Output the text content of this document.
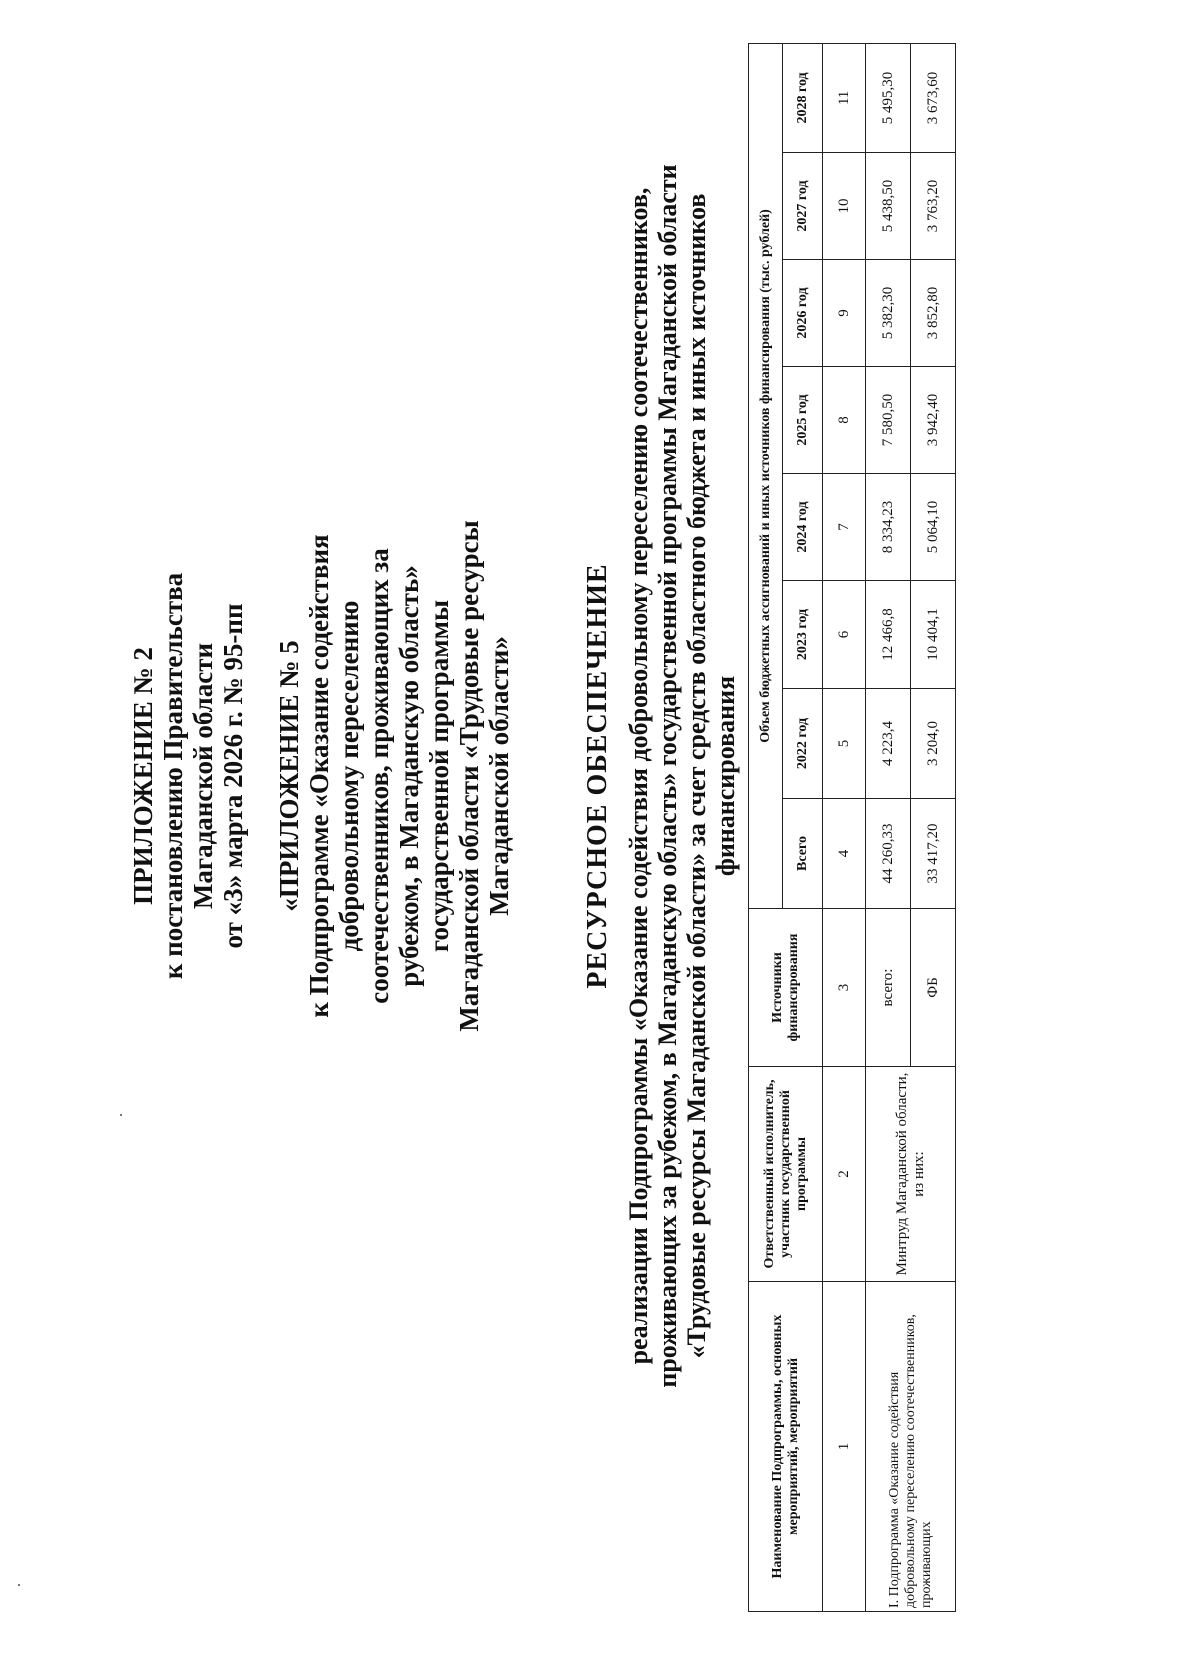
ПРИЛОЖЕНИЕ № 2 к постановлению Правительства Магаданской области от «3» марта 2026 г. № 95-пп «ПРИЛОЖЕНИЕ № 5 к Подпрограмме «Оказание содействия добровольному переселению соотечественников, проживающих за рубежом, в Магаданскую область» государственной программы Магаданской области «Трудовые ресурсы Магаданской области» РЕСУРСНОЕ ОБЕСПЕЧЕНИЕ реализации Подпрограммы «Оказание содействия добровольному переселению соотечественников, проживающих за рубежом, в Магаданскую область» государственной программы Магаданской области «Трудовые ресурсы Магаданской области» за счет средств областного бюджета и иных источников финансирования
Наименование Подпрограммы, основных мероприятий, мероприятий	Ответственный исполнитель, участник государственной программы	Источники финансирования	Объем бюджетных ассигнований и иных источников финансирования (тыс. рублей)							
			Всего	2022 год	2023 год	2024 год	2025 год	2026 год	2027 год	2028 год
1	2	3	4	5	6	7	8	9	10	11
I. Подпрограмма «Оказание содействия добровольному переселению соотечественников, проживающих	Минтруд Магаданской области, из них:	всего:	44 260,33	4 223,4	12 466,8	8 334,23	7 580,50	5 382,30	5 438,50	5 495,30
		ФБ	33 417,20	3 204,0	10 404,1	5 064,10	3 942,40	3 852,80	3 763,20	3 673,60
